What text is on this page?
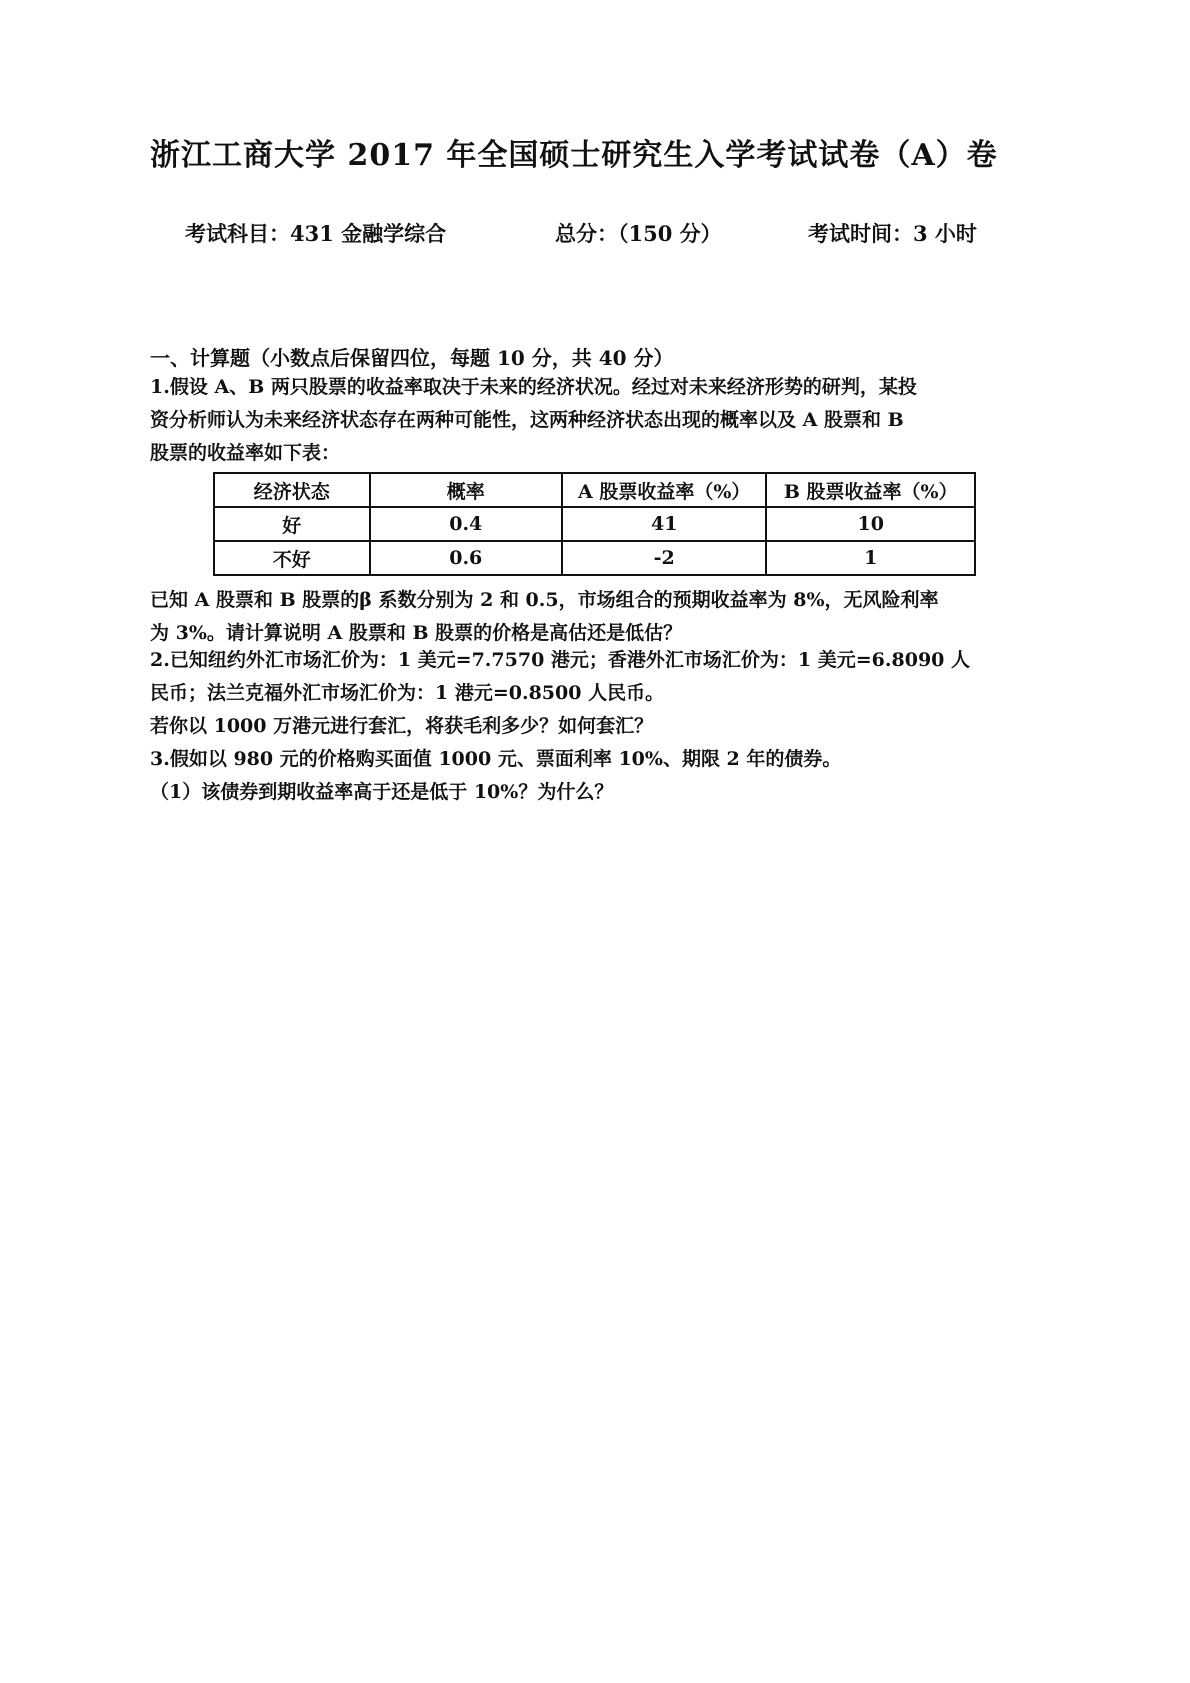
浙江工商大学 2017 年全国硕士研究生入学考试试卷（A）卷
考试科目：431 金融学综合	总分：（150 分）	考试时间：3 小时
一、计算题（小数点后保留四位，每题 10 分，共 40 分）
1.假设 A、B 两只股票的收益率取决于未来的经济状况。经过对未来经济形势的研判，某投
资分析师认为未来经济状态存在两种可能性，这两种经济状态出现的概率以及 A 股票和 B
股票的收益率如下表：
经济状态	概率	A 股票收益率（%）	B 股票收益率（%）
好	0.4	41	10
不好	0.6	-2	1
已知 A 股票和 B 股票的β 系数分别为 2 和 0.5，市场组合的预期收益率为 8%，无风险利率
为 3%。请计算说明 A 股票和 B 股票的价格是高估还是低估？
2.已知纽约外汇市场汇价为：1 美元=7.7570 港元；香港外汇市场汇价为：1 美元=6.8090 人
民币；法兰克福外汇市场汇价为：1 港元=0.8500 人民币。
若你以 1000 万港元进行套汇，将获毛利多少？如何套汇？
3.假如以 980 元的价格购买面值 1000 元、票面利率 10%、期限 2 年的债券。
（1）该债券到期收益率高于还是低于 10%？为什么？
